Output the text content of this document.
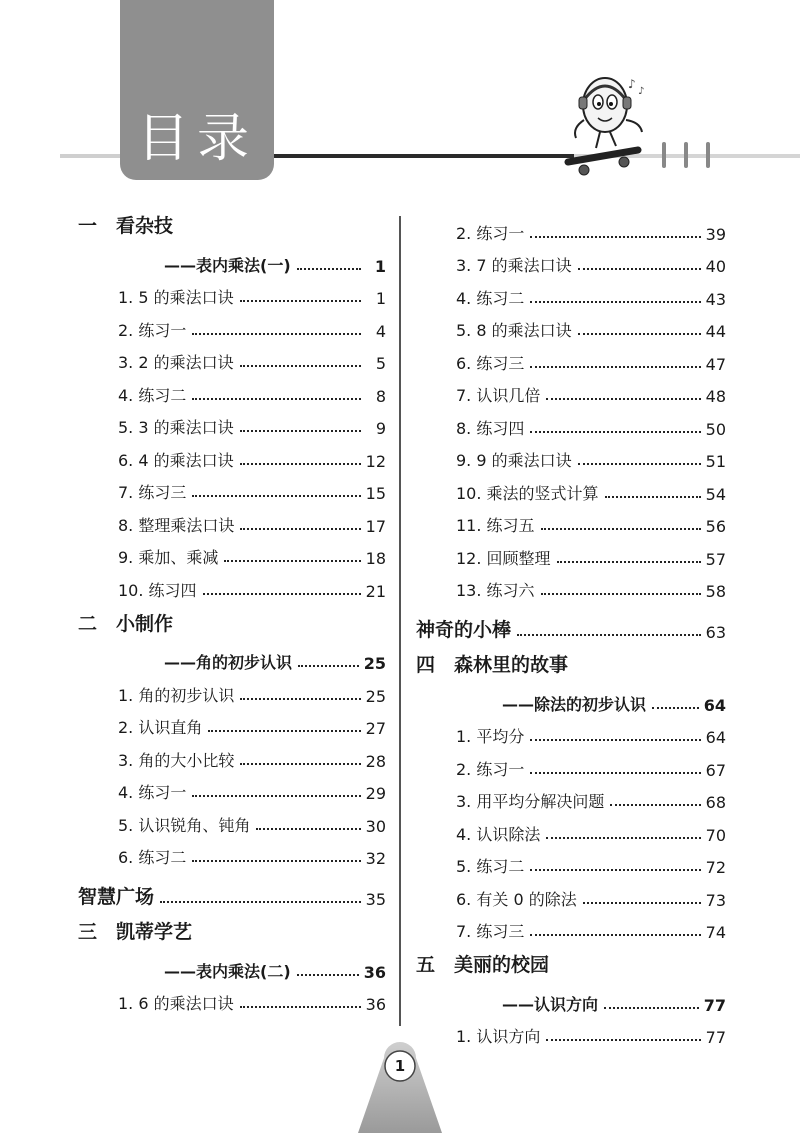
目录
♪
♪
一 看杂技
——表内乘法(一)	1
1. 5 的乘法口诀	1
2. 练习一	4
3. 2 的乘法口诀	5
4. 练习二	8
5. 3 的乘法口诀	9
6. 4 的乘法口诀	12
7. 练习三	15
8. 整理乘法口诀	17
9. 乘加、乘减	18
10. 练习四	21
二 小制作
——角的初步认识	25
1. 角的初步认识	25
2. 认识直角	27
3. 角的大小比较	28
4. 练习一	29
5. 认识锐角、钝角	30
6. 练习二	32
智慧广场	35
三 凯蒂学艺
——表内乘法(二)	36
1. 6 的乘法口诀	36
2. 练习一	39
3. 7 的乘法口诀	40
4. 练习二	43
5. 8 的乘法口诀	44
6. 练习三	47
7. 认识几倍	48
8. 练习四	50
9. 9 的乘法口诀	51
10. 乘法的竖式计算	54
11. 练习五	56
12. 回顾整理	57
13. 练习六	58
神奇的小棒	63
四 森林里的故事
——除法的初步认识	64
1. 平均分	64
2. 练习一	67
3. 用平均分解决问题	68
4. 认识除法	70
5. 练习二	72
6. 有关 0 的除法	73
7. 练习三	74
五 美丽的校园
——认识方向	77
1. 认识方向	77
1
